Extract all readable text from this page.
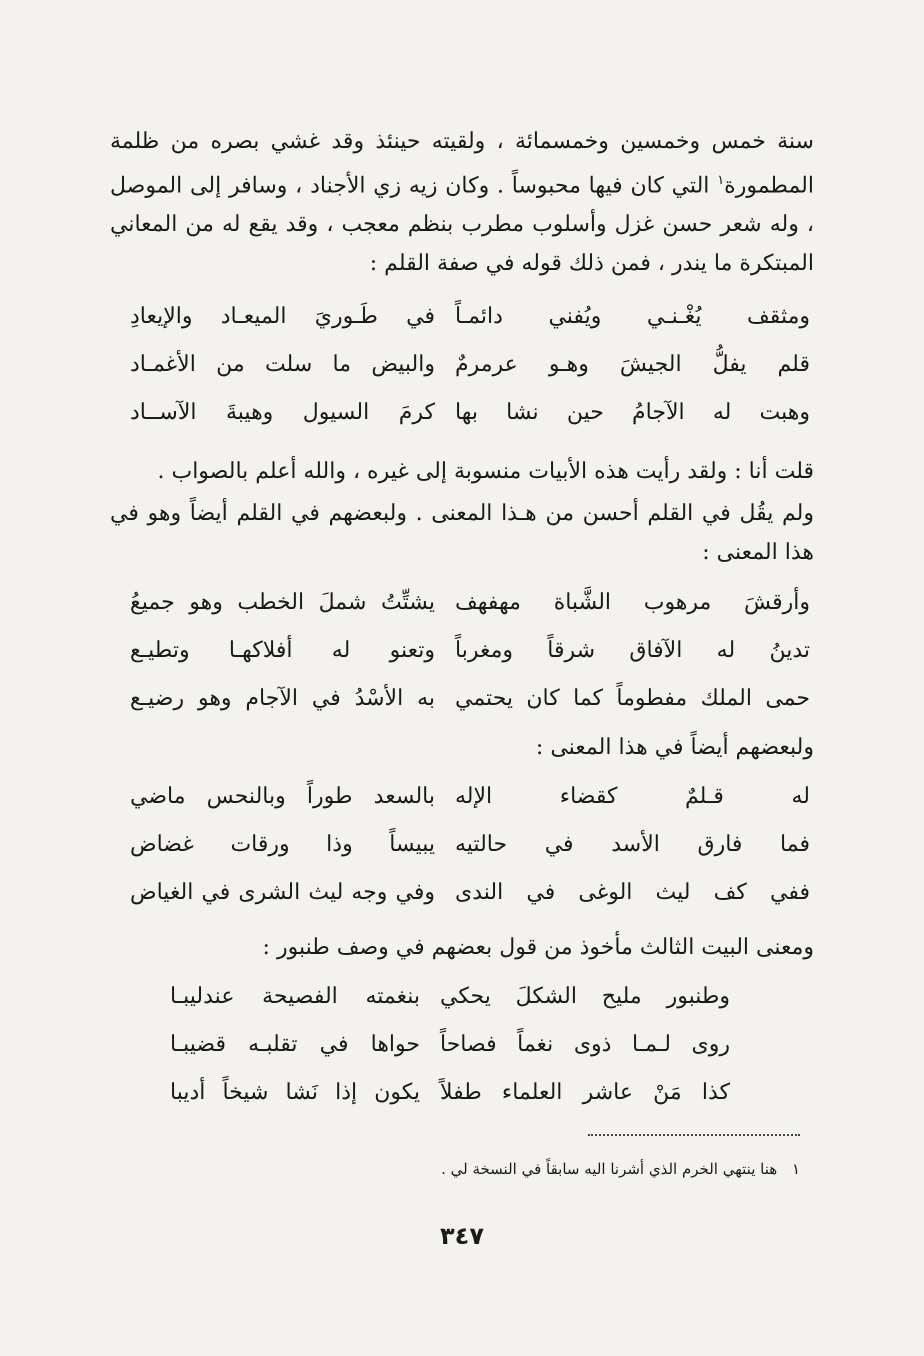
سنة خمس وخمسين وخمسمائة ، ولقيته حينئذ وقد غشي بصره من ظلمة المطمورة$^١$ التي كان فيها محبوساً . وكان زيه زي الأجناد ، وسافر إلى الموصل ، وله شعر حسن غزل وأسلوب مطرب بنظم معجب ، وقد يقع له من المعاني المبتكرة ما يندر ، فمن ذلك قوله في صفة القلم :
ومثقف يُغْـنـي ويُفني دائمـاً
في طَـوريَ الميعـاد والإيعادِ
قلم يفلُّ الجيشَ وهـو عرمرمٌ
والبيض ما سلت من الأغمـاد
وهبت له الآجامُ حين نشا بها
كرمَ السيول وهيبةَ الآســاد
قلت أنا : ولقد رأيت هذه الأبيات منسوبة إلى غيره ، والله أعلم بالصواب .
ولم يقُل في القلم أحسن من هـذا المعنى . ولبعضهم في القلم أيضاً وهو في هذا المعنى :
وأرقشَ مرهوب الشَّباة مهفهف
يشتِّتُ شملَ الخطب وهو جميعُ
تدينُ له الآفاق شرقاً ومغرباً
وتعنو له أفلاكهـا وتطيـع
حمى الملك مفطوماً كما كان يحتمي
به الأسْدُ في الآجام وهو رضيـع
ولبعضهم أيضاً في هذا المعنى :
له قـلمٌ كقضاء الإله
بالسعد طوراً وبالنحس ماضي
فما فارق الأسد في حالتيه
يبيساً وذا ورقات غضاض
ففي كف ليث الوغى في الندى
وفي وجه ليث الشرى في الغياض
ومعنى البيت الثالث مأخوذ من قول بعضهم في وصف طنبور :
وطنبور مليح الشكلَ يحكي
بنغمته الفصيحة عندليبـا
روى لـمـا ذوى نغماً فصاحاً
حواها في تقلبـه قضيبـا
كذا مَنْ عاشر العلماء طفلاً
يكون إذا نَشا شيخاً أديبا
١ هنا ينتهي الخرم الذي أشرنا اليه سابقاً في النسخة لي .
٣٤٧
